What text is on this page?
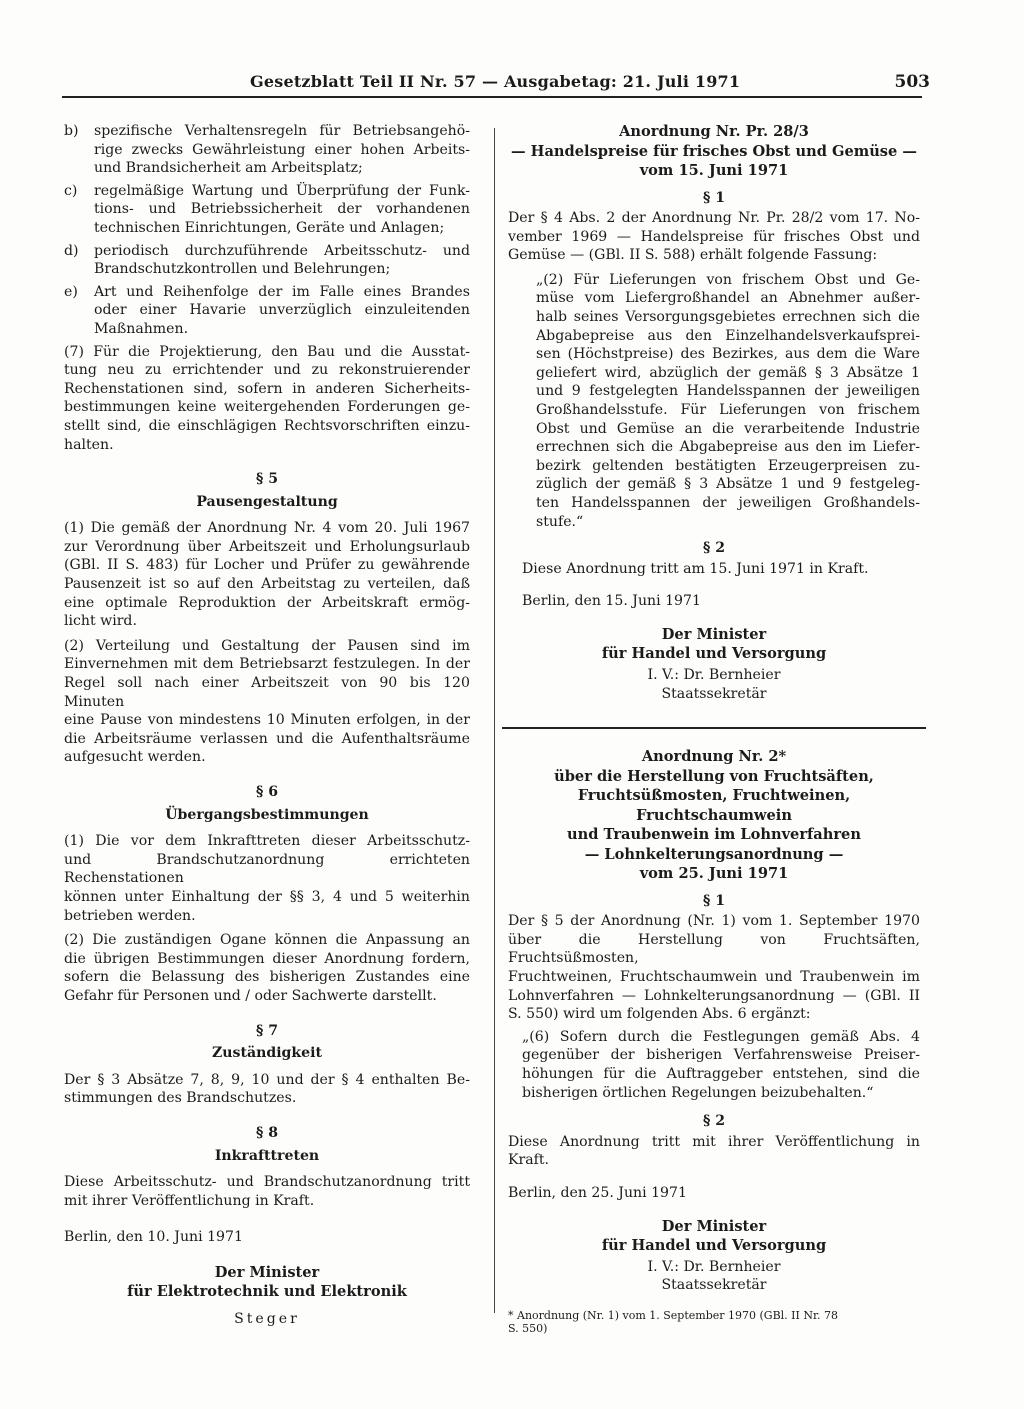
Gesetzblatt Teil II Nr. 57 — Ausgabetag: 21. Juli 1971	503
b)	spezifische Verhaltensregeln für Betriebsangehö-
rige zwecks Gewährleistung einer hohen Arbeits-
und Brandsicherheit am Arbeitsplatz;
c)	regelmäßige Wartung und Überprüfung der Funk-
tions- und Betriebssicherheit der vorhandenen
technischen Einrichtungen, Geräte und Anlagen;
d)	periodisch durchzuführende Arbeitsschutz- und
Brandschutzkontrollen und Belehrungen;
e)	Art und Reihenfolge der im Falle eines Brandes
oder einer Havarie unverzüglich einzuleitenden
Maßnahmen.
(7) Für die Projektierung, den Bau und die Ausstat-
tung neu zu errichtender und zu rekonstruierender
Rechenstationen sind, sofern in anderen Sicherheits-
bestimmungen keine weitergehenden Forderungen ge-
stellt sind, die einschlägigen Rechtsvorschriften einzu-
halten.
§ 5
Pausengestaltung
(1) Die gemäß der Anordnung Nr. 4 vom 20. Juli 1967
zur Verordnung über Arbeitszeit und Erholungsurlaub
(GBl. II S. 483) für Locher und Prüfer zu gewährende
Pausenzeit ist so auf den Arbeitstag zu verteilen, daß
eine optimale Reproduktion der Arbeitskraft ermög-
licht wird.
(2) Verteilung und Gestaltung der Pausen sind im
Einvernehmen mit dem Betriebsarzt festzulegen. In der
Regel soll nach einer Arbeitszeit von 90 bis 120 Minuten
eine Pause von mindestens 10 Minuten erfolgen, in der
die Arbeitsräume verlassen und die Aufenthaltsräume
aufgesucht werden.
§ 6
Übergangsbestimmungen
(1) Die vor dem Inkrafttreten dieser Arbeitsschutz-
und Brandschutzanordnung errichteten Rechenstationen
können unter Einhaltung der §§ 3, 4 und 5 weiterhin
betrieben werden.
(2) Die zuständigen Ogane können die Anpassung an
die übrigen Bestimmungen dieser Anordnung fordern,
sofern die Belassung des bisherigen Zustandes eine
Gefahr für Personen und / oder Sachwerte darstellt.
§ 7
Zuständigkeit
Der § 3 Absätze 7, 8, 9, 10 und der § 4 enthalten Be-
stimmungen des Brandschutzes.
§ 8
Inkrafttreten
Diese Arbeitsschutz- und Brandschutzanordnung tritt
mit ihrer Veröffentlichung in Kraft.

Berlin, den 10. Juni 1971

Der Minister
für Elektrotechnik und Elektronik
Steger
Anordnung Nr. Pr. 28/3
— Handelspreise für frisches Obst und Gemüse —
vom 15. Juni 1971
§ 1
Der § 4 Abs. 2 der Anordnung Nr. Pr. 28/2 vom 17. No-
vember 1969 — Handelspreise für frisches Obst und
Gemüse — (GBl. II S. 588) erhält folgende Fassung:
„(2) Für Lieferungen von frischem Obst und Ge-
müse vom Liefergroßhandel an Abnehmer außer-
halb seines Versorgungsgebietes errechnen sich die
Abgabepreise aus den Einzelhandelsverkaufsprei-
sen (Höchstpreise) des Bezirkes, aus dem die Ware
geliefert wird, abzüglich der gemäß § 3 Absätze 1
und 9 festgelegten Handelsspannen der jeweiligen
Großhandelsstufe. Für Lieferungen von frischem
Obst und Gemüse an die verarbeitende Industrie
errechnen sich die Abgabepreise aus den im Liefer-
bezirk geltenden bestätigten Erzeugerpreisen zu-
züglich der gemäß § 3 Absätze 1 und 9 festgeleg-
ten Handelsspannen der jeweiligen Großhandels-
stufe.“
§ 2

Diese Anordnung tritt am 15. Juni 1971 in Kraft.

Berlin, den 15. Juni 1971

Der Minister
für Handel und Versorgung
I. V.: Dr. Bernheier
Staatssekretär
Anordnung Nr. 2*
über die Herstellung von Fruchtsäften,
Fruchtsüßmosten, Fruchtweinen, Fruchtschaumwein
und Traubenwein im Lohnverfahren
— Lohnkelterungsanordnung —
vom 25. Juni 1971
§ 1
Der § 5 der Anordnung (Nr. 1) vom 1. September 1970
über die Herstellung von Fruchtsäften, Fruchtsüßmosten,
Fruchtweinen, Fruchtschaumwein und Traubenwein im
Lohnverfahren — Lohnkelterungsanordnung — (GBl. II
S. 550) wird um folgenden Abs. 6 ergänzt:
„(6) Sofern durch die Festlegungen gemäß Abs. 4
gegenüber der bisherigen Verfahrensweise Preiser-
höhungen für die Auftraggeber entstehen, sind die
bisherigen örtlichen Regelungen beizubehalten.“
§ 2
Diese Anordnung tritt mit ihrer Veröffentlichung in
Kraft.

Berlin, den 25. Juni 1971

Der Minister
für Handel und Versorgung
I. V.: Dr. Bernheier
Staatssekretär
* Anordnung (Nr. 1) vom 1. September 1970 (GBl. II Nr. 78
S. 550)
